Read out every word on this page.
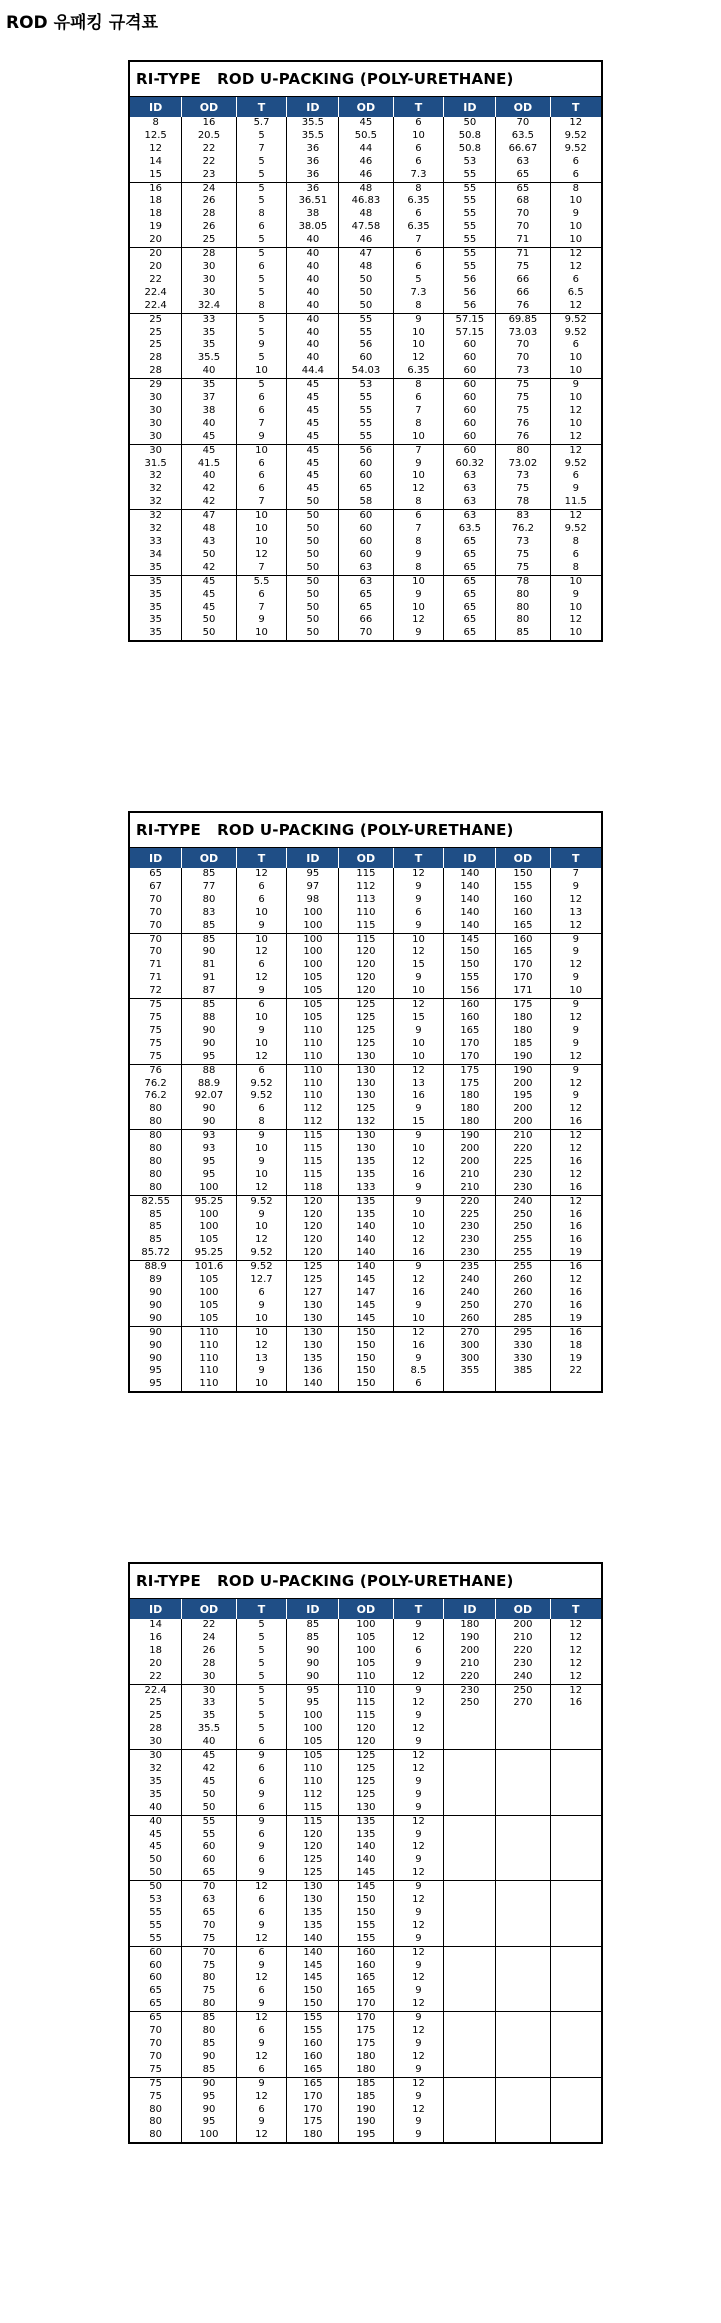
ROD 유패킹 규격표
RI-TYPE   ROD U-PACKING (POLY-URETHANE)
ID	OD	T	ID	OD	T	ID	OD	T
8	16	5.7	35.5	45	6	50	70	12
12.5	20.5	5	35.5	50.5	10	50.8	63.5	9.52
12	22	7	36	44	6	50.8	66.67	9.52
14	22	5	36	46	6	53	63	6
15	23	5	36	46	7.3	55	65	6
16	24	5	36	48	8	55	65	8
18	26	5	36.51	46.83	6.35	55	68	10
18	28	8	38	48	6	55	70	9
19	26	6	38.05	47.58	6.35	55	70	10
20	25	5	40	46	7	55	71	10
20	28	5	40	47	6	55	71	12
20	30	6	40	48	6	55	75	12
22	30	5	40	50	5	56	66	6
22.4	30	5	40	50	7.3	56	66	6.5
22.4	32.4	8	40	50	8	56	76	12
25	33	5	40	55	9	57.15	69.85	9.52
25	35	5	40	55	10	57.15	73.03	9.52
25	35	9	40	56	10	60	70	6
28	35.5	5	40	60	12	60	70	10
28	40	10	44.4	54.03	6.35	60	73	10
29	35	5	45	53	8	60	75	9
30	37	6	45	55	6	60	75	10
30	38	6	45	55	7	60	75	12
30	40	7	45	55	8	60	76	10
30	45	9	45	55	10	60	76	12
30	45	10	45	56	7	60	80	12
31.5	41.5	6	45	60	9	60.32	73.02	9.52
32	40	6	45	60	10	63	73	6
32	42	6	45	65	12	63	75	9
32	42	7	50	58	8	63	78	11.5
32	47	10	50	60	6	63	83	12
32	48	10	50	60	7	63.5	76.2	9.52
33	43	10	50	60	8	65	73	8
34	50	12	50	60	9	65	75	6
35	42	7	50	63	8	65	75	8
35	45	5.5	50	63	10	65	78	10
35	45	6	50	65	9	65	80	9
35	45	7	50	65	10	65	80	10
35	50	9	50	66	12	65	80	12
35	50	10	50	70	9	65	85	10
RI-TYPE   ROD U-PACKING (POLY-URETHANE)
ID	OD	T	ID	OD	T	ID	OD	T
65	85	12	95	115	12	140	150	7
67	77	6	97	112	9	140	155	9
70	80	6	98	113	9	140	160	12
70	83	10	100	110	6	140	160	13
70	85	9	100	115	9	140	165	12
70	85	10	100	115	10	145	160	9
70	90	12	100	120	12	150	165	9
71	81	6	100	120	15	150	170	12
71	91	12	105	120	9	155	170	9
72	87	9	105	120	10	156	171	10
75	85	6	105	125	12	160	175	9
75	88	10	105	125	15	160	180	12
75	90	9	110	125	9	165	180	9
75	90	10	110	125	10	170	185	9
75	95	12	110	130	10	170	190	12
76	88	6	110	130	12	175	190	9
76.2	88.9	9.52	110	130	13	175	200	12
76.2	92.07	9.52	110	130	16	180	195	9
80	90	6	112	125	9	180	200	12
80	90	8	112	132	15	180	200	16
80	93	9	115	130	9	190	210	12
80	93	10	115	130	10	200	220	12
80	95	9	115	135	12	200	225	16
80	95	10	115	135	16	210	230	12
80	100	12	118	133	9	210	230	16
82.55	95.25	9.52	120	135	9	220	240	12
85	100	9	120	135	10	225	250	16
85	100	10	120	140	10	230	250	16
85	105	12	120	140	12	230	255	16
85.72	95.25	9.52	120	140	16	230	255	19
88.9	101.6	9.52	125	140	9	235	255	16
89	105	12.7	125	145	12	240	260	12
90	100	6	127	147	16	240	260	16
90	105	9	130	145	9	250	270	16
90	105	10	130	145	10	260	285	19
90	110	10	130	150	12	270	295	16
90	110	12	130	150	16	300	330	18
90	110	13	135	150	9	300	330	19
95	110	9	136	150	8.5	355	385	22
95	110	10	140	150	6			
RI-TYPE   ROD U-PACKING (POLY-URETHANE)
ID	OD	T	ID	OD	T	ID	OD	T
14	22	5	85	100	9	180	200	12
16	24	5	85	105	12	190	210	12
18	26	5	90	100	6	200	220	12
20	28	5	90	105	9	210	230	12
22	30	5	90	110	12	220	240	12
22.4	30	5	95	110	9	230	250	12
25	33	5	95	115	12	250	270	16
25	35	5	100	115	9			
28	35.5	5	100	120	12			
30	40	6	105	120	9			
30	45	9	105	125	12			
32	42	6	110	125	12			
35	45	6	110	125	9			
35	50	9	112	125	9			
40	50	6	115	130	9			
40	55	9	115	135	12			
45	55	6	120	135	9			
45	60	9	120	140	12			
50	60	6	125	140	9			
50	65	9	125	145	12			
50	70	12	130	145	9			
53	63	6	130	150	12			
55	65	6	135	150	9			
55	70	9	135	155	12			
55	75	12	140	155	9			
60	70	6	140	160	12			
60	75	9	145	160	9			
60	80	12	145	165	12			
65	75	6	150	165	9			
65	80	9	150	170	12			
65	85	12	155	170	9			
70	80	6	155	175	12			
70	85	9	160	175	9			
70	90	12	160	180	12			
75	85	6	165	180	9			
75	90	9	165	185	12			
75	95	12	170	185	9			
80	90	6	170	190	12			
80	95	9	175	190	9			
80	100	12	180	195	9			
